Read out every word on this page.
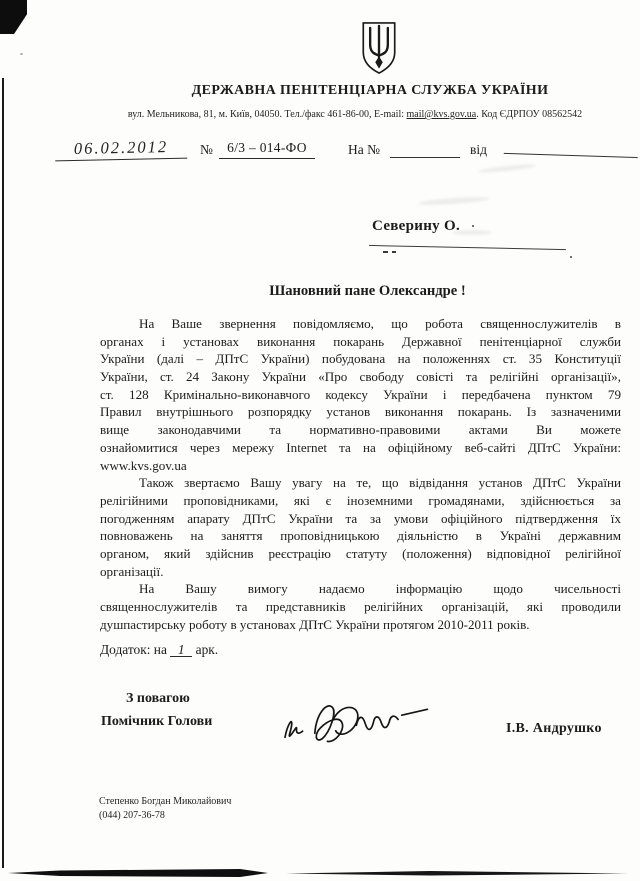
ДЕРЖАВНА ПЕНІТЕНЦІАРНА СЛУЖБА УКРАЇНИ
вул. Мельникова, 81, м. Київ, 04050. Тел./факс 461-86-00, E-mail: mail@kvs.gov.ua. Код ЄДРПОУ 08562542
06.02.2012	№	6/3 – 014-ФО	На №	від
Северину О.
Шановний пане Олександре !
На Ваше звернення повідомляємо, що робота священнослужителів в
органах і установах виконання покарань Державної пенітенціарної служби
України (далі – ДПтС України) побудована на положеннях ст. 35 Конституції
України, ст. 24 Закону України «Про свободу совісті та релігійні організації»,
ст. 128 Кримінально-виконавчого кодексу України і передбачена пунктом 79
Правил внутрішнього розпорядку установ виконання покарань. Із зазначеними
вище законодавчими та нормативно-правовими актами Ви можете
ознайомитися через мережу Internet та на офіційному веб-сайті ДПтС України:
www.kvs.gov.ua
Також звертаємо Вашу увагу на те, що відвідання установ ДПтС України
релігійними проповідниками, які є іноземними громадянами, здійснюється за
погодженням апарату ДПтС України та за умови офіційного підтвердження їх
повноважень на заняття проповідницькою діяльністю в Україні державним
органом, який здійснив реєстрацію статуту (положення) відповідної релігійної
організації.
На Вашу вимогу надаємо інформацію щодо чисельності
священнослужителів та представників релігійних організацій, які проводили
душпастирську роботу в установах ДПтС України протягом 2010-2011 років.
Додаток: на 1 арк.
З повагою
Помічник Голови	І.В. Андрушко
Степенко Богдан Миколайович
(044) 207-36-78
